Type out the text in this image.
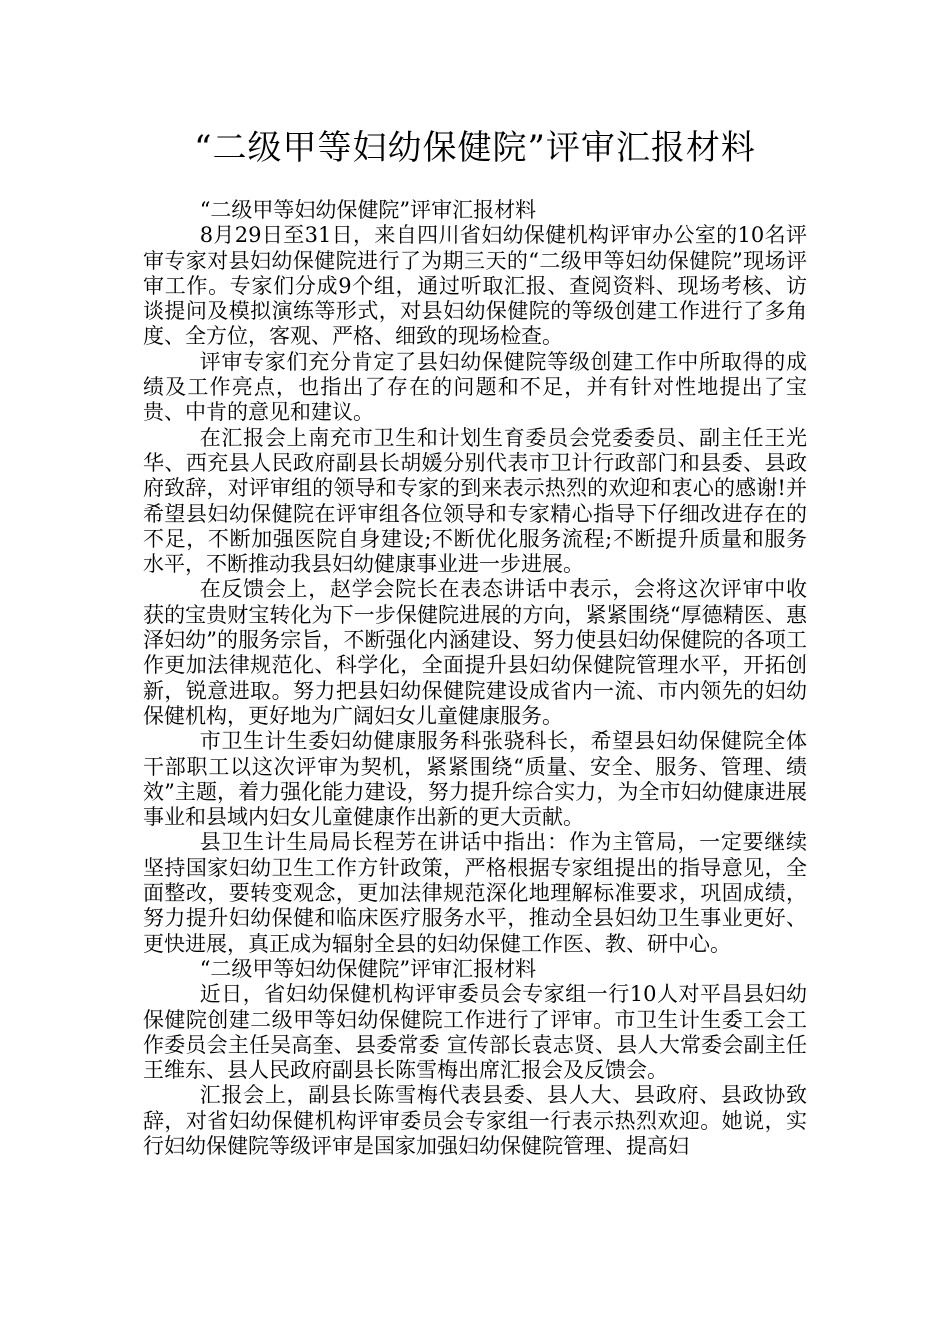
“二级甲等妇幼保健院”评审汇报材料

“二级甲等妇幼保健院”评审汇报材料

8月29日至31日，来自四川省妇幼保健机构评审办公室的10名评审专家对县妇幼保健院进行了为期三天的“二级甲等妇幼保健院”现场评审工作。专家们分成9个组，通过听取汇报、查阅资料、现场考核、访谈提问及模拟演练等形式，对县妇幼保健院的等级创建工作进行了多角度、全方位，客观、严格、细致的现场检查。

评审专家们充分肯定了县妇幼保健院等级创建工作中所取得的成绩及工作亮点，也指出了存在的问题和不足，并有针对性地提出了宝贵、中肯的意见和建议。

在汇报会上南充市卫生和计划生育委员会党委委员、副主任王光华、西充县人民政府副县长胡媛分别代表市卫计行政部门和县委、县政府致辞，对评审组的领导和专家的到来表示热烈的欢迎和衷心的感谢!并希望县妇幼保健院在评审组各位领导和专家精心指导下仔细改进存在的不足，不断加强医院自身建设;不断优化服务流程;不断提升质量和服务水平，不断推动我县妇幼健康事业进一步进展。

在反馈会上，赵学会院长在表态讲话中表示，会将这次评审中收获的宝贵财宝转化为下一步保健院进展的方向，紧紧围绕“厚德精医、惠泽妇幼”的服务宗旨，不断强化内涵建设、努力使县妇幼保健院的各项工作更加法律规范化、科学化，全面提升县妇幼保健院管理水平，开拓创新，锐意进取。努力把县妇幼保健院建设成省内一流、市内领先的妇幼保健机构，更好地为广阔妇女儿童健康服务。

市卫生计生委妇幼健康服务科张骁科长，希望县妇幼保健院全体干部职工以这次评审为契机，紧紧围绕“质量、安全、服务、管理、绩效”主题，着力强化能力建设，努力提升综合实力，为全市妇幼健康进展事业和县域内妇女儿童健康作出新的更大贡献。

县卫生计生局局长程芳在讲话中指出：作为主管局，一定要继续坚持国家妇幼卫生工作方针政策，严格根据专家组提出的指导意见，全面整改，要转变观念，更加法律规范深化地理解标准要求，巩固成绩，努力提升妇幼保健和临床医疗服务水平，推动全县妇幼卫生事业更好、更快进展，真正成为辐射全县的妇幼保健工作医、教、研中心。

“二级甲等妇幼保健院”评审汇报材料

近日，省妇幼保健机构评审委员会专家组一行10人对平昌县妇幼保健院创建二级甲等妇幼保健院工作进行了评审。市卫生计生委工会工作委员会主任吴高奎、县委常委 宣传部长袁志贤、县人大常委会副主任王维东、县人民政府副县长陈雪梅出席汇报会及反馈会。

汇报会上，副县长陈雪梅代表县委、县人大、县政府、县政协致辞，对省妇幼保健机构评审委员会专家组一行表示热烈欢迎。她说，实行妇幼保健院等级评审是国家加强妇幼保健院管理、提高妇
